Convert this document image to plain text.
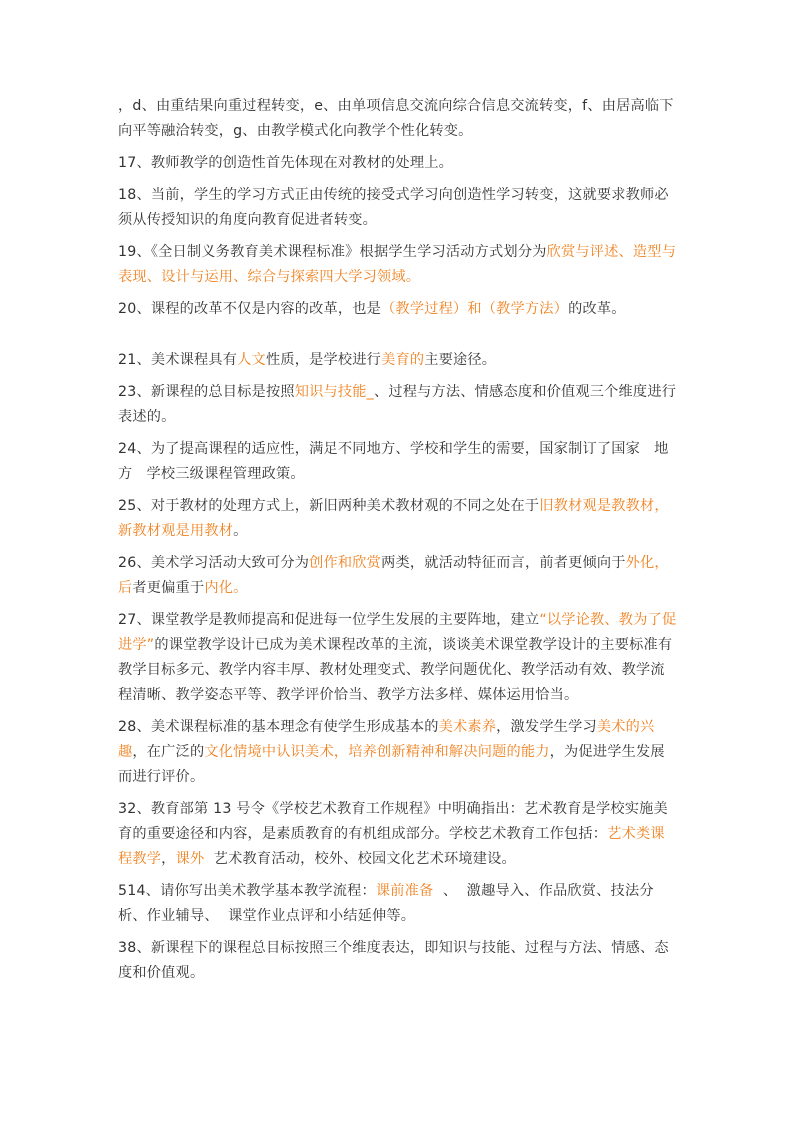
，d、由重结果向重过程转变，e、由单项信息交流向综合信息交流转变，f、由居高临下向平等融洽转变，g、由教学模式化向教学个性化转变。

17、教师教学的创造性首先体现在对教材的处理上。

18、当前，学生的学习方式正由传统的接受式学习向创造性学习转变，这就要求教师必须从传授知识的角度向教育促进者转变。

19、《全日制义务教育美术课程标准》根据学生学习活动方式划分为欣赏与评述、造型与表现、设计与运用、综合与探索四大学习领域。

20、课程的改革不仅是内容的改革，也是（教学过程）和（教学方法）的改革。

21、美术课程具有人文性质，是学校进行美育的主要途径。

23、新课程的总目标是按照知识与技能_、过程与方法、情感态度和价值观三个维度进行表述的。

24、为了提高课程的适应性，满足不同地方、学校和学生的需要，国家制订了国家   地方   学校三级课程管理政策。

25、对于教材的处理方式上，新旧两种美术教材观的不同之处在于旧教材观是教教材，新教材观是用教材。

26、美术学习活动大致可分为创作和欣赏两类，就活动特征而言，前者更倾向于外化，后者更偏重于内化。

27、课堂教学是教师提高和促进每一位学生发展的主要阵地，建立“以学论教、教为了促进学”的课堂教学设计已成为美术课程改革的主流，谈谈美术课堂教学设计的主要标准有教学目标多元、教学内容丰厚、教材处理变式、教学问题优化、教学活动有效、教学流程清晰、教学姿态平等、教学评价恰当、教学方法多样、媒体运用恰当。

28、美术课程标准的基本理念有使学生形成基本的美术素养，激发学生学习美术的兴趣，在广泛的文化情境中认识美术，培养创新精神和解决问题的能力，为促进学生发展而进行评价。

32、教育部第 13 号令《学校艺术教育工作规程》中明确指出：艺术教育是学校实施美育的重要途径和内容，是素质教育的有机组成部分。学校艺术教育工作包括：艺术类课程教学，课外  艺术教育活动，校外、校园文化艺术环境建设。

514、请你写出美术教学基本教学流程：课前准备  、  激趣导入、作品欣赏、技法分析、作业辅导、  课堂作业点评和小结延伸等。

38、新课程下的课程总目标按照三个维度表达，即知识与技能、过程与方法、情感、态度和价值观。
